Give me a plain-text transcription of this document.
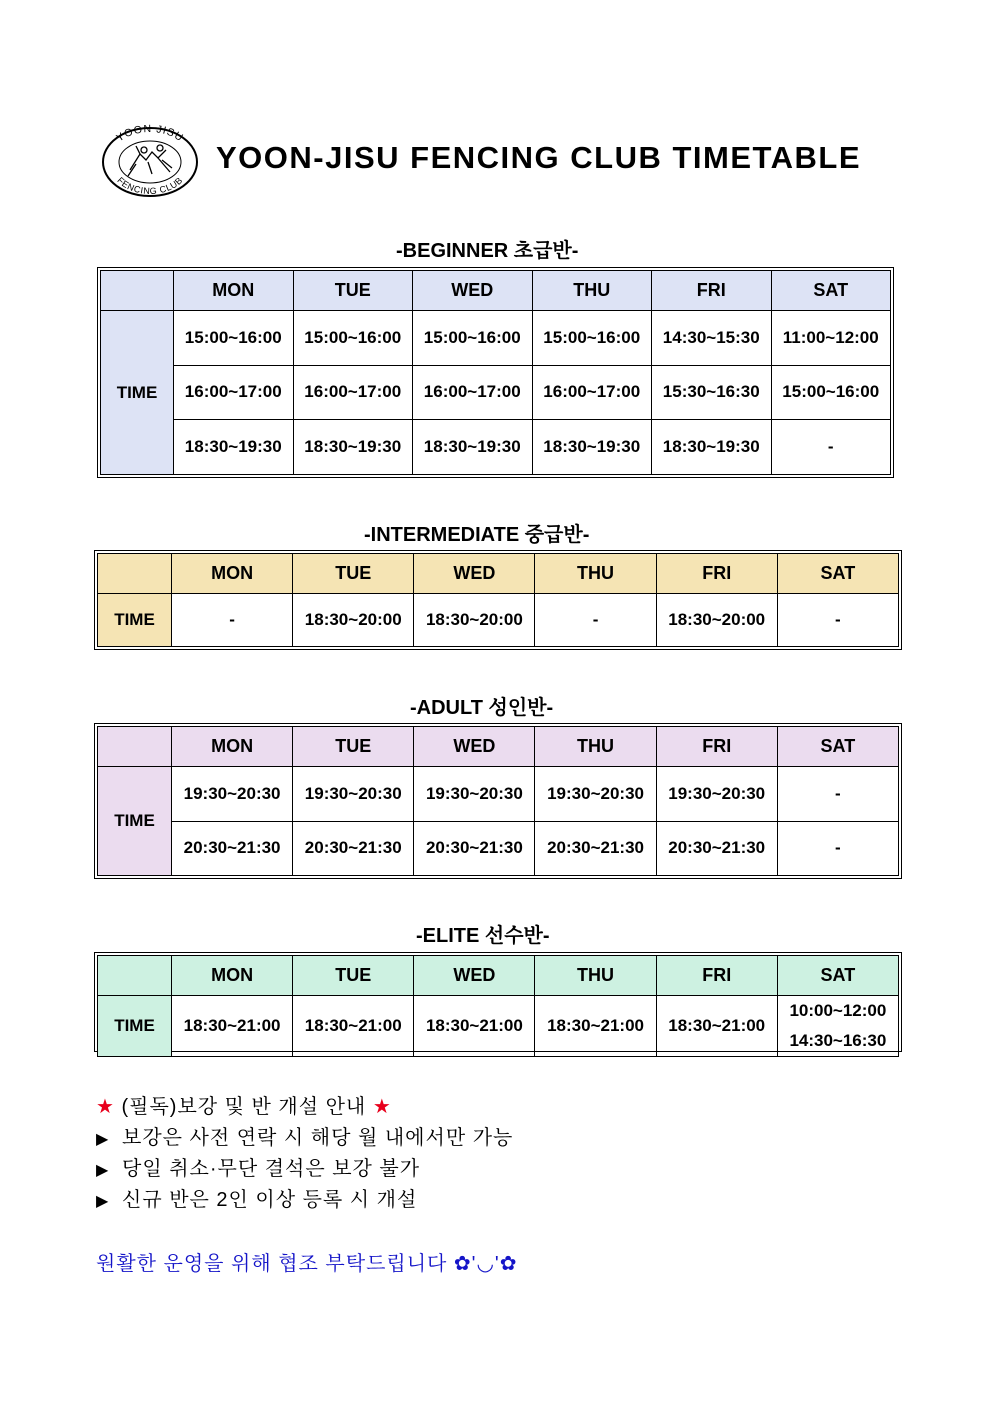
YOON JISU
FENCING CLUB
YOON-JISU FENCING CLUB TIMETABLE
-BEGINNER 초급반-
	MON	TUE	WED	THU	FRI	SAT
TIME	15:00~16:00	15:00~16:00	15:00~16:00	15:00~16:00	14:30~15:30	11:00~12:00
	16:00~17:00	16:00~17:00	16:00~17:00	16:00~17:00	15:30~16:30	15:00~16:00
	18:30~19:30	18:30~19:30	18:30~19:30	18:30~19:30	18:30~19:30	-
-INTERMEDIATE 중급반-
	MON	TUE	WED	THU	FRI	SAT
TIME	-	18:30~20:00	18:30~20:00	-	18:30~20:00	-
-ADULT 성인반-
	MON	TUE	WED	THU	FRI	SAT
TIME	19:30~20:30	19:30~20:30	19:30~20:30	19:30~20:30	19:30~20:30	-
	20:30~21:30	20:30~21:30	20:30~21:30	20:30~21:30	20:30~21:30	-
-ELITE 선수반-
	MON	TUE	WED	THU	FRI	SAT
TIME	18:30~21:00	18:30~21:00	18:30~21:00	18:30~21:00	18:30~21:00	10:00~12:00
14:30~16:30
★ (필독)보강 및 반 개설 안내 ★
▶ 보강은 사전 연락 시 해당 월 내에서만 가능
▶ 당일 취소·무단 결석은 보강 불가
▶ 신규 반은 2인 이상 등록 시 개설
원활한 운영을 위해 협조 부탁드립니다 ✿'◡'✿
